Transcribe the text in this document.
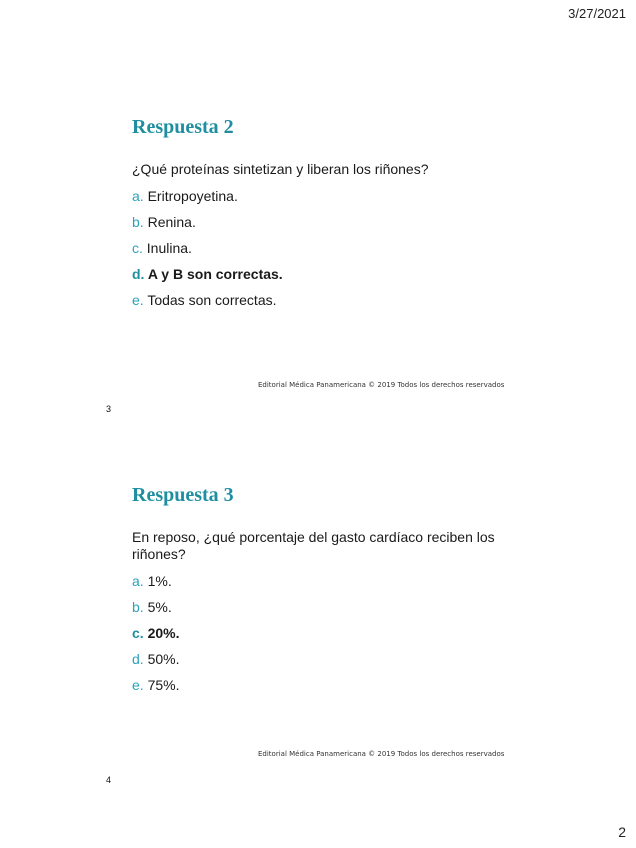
3/27/2021
Respuesta 2

¿Qué proteínas sintetizan y liberan los riñones?

a. Eritropoyetina.
b. Renina.
c. Inulina.
d. A y B son correctas.
e. Todas son correctas.
Editorial Médica Panamericana © 2019 Todos los derechos reservados
3
Respuesta 3

En reposo, ¿qué porcentaje del gasto cardíaco reciben los riñones?

a. 1%.
b. 5%.
c. 20%.
d. 50%.
e. 75%.
Editorial Médica Panamericana © 2019 Todos los derechos reservados
4
2
